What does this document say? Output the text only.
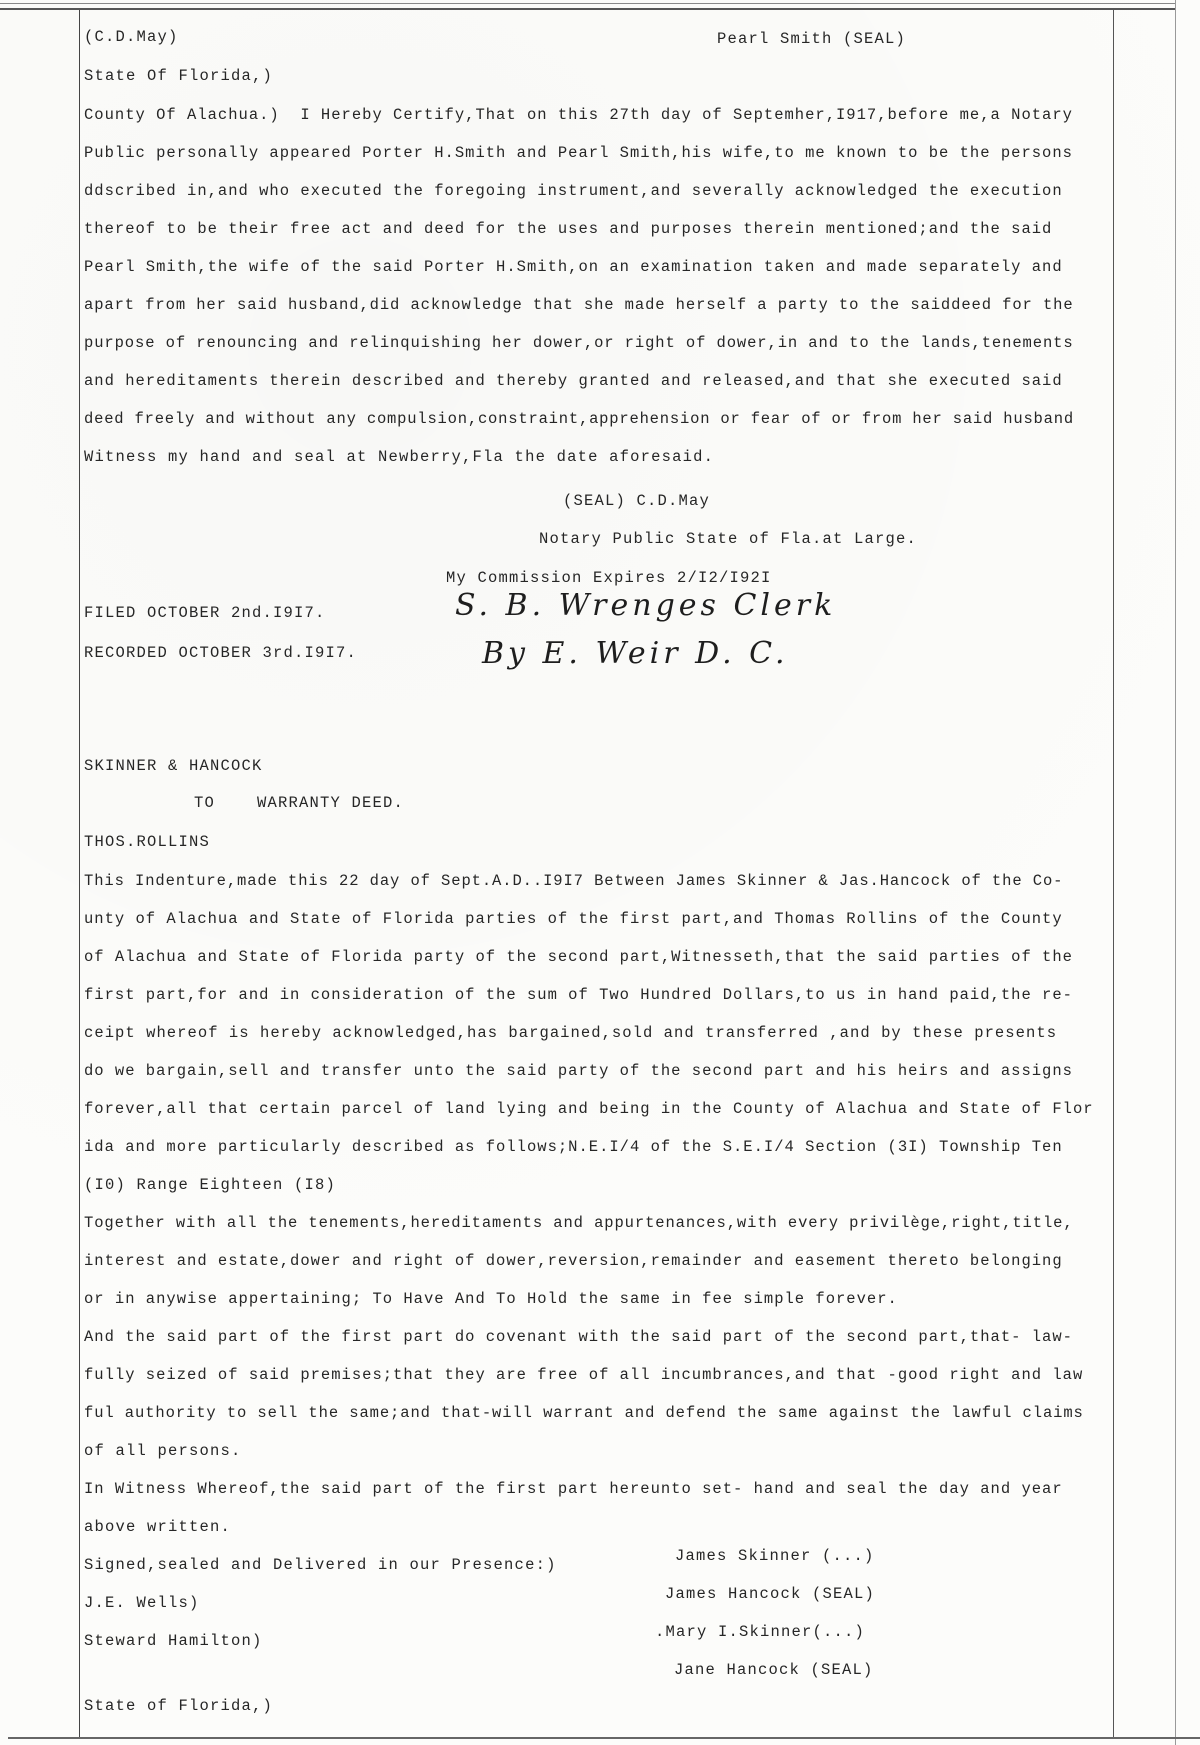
(C.D.May)	Pearl Smith (SEAL)
State Of Florida,)
County Of Alachua.)  I Hereby Certify,That on this 27th day of Septemher,I917,before me,a Notary
Public personally appeared Porter H.Smith and Pearl Smith,his wife,to me known to be the persons
ddscribed in,and who executed the foregoing instrument,and severally acknowledged the execution
thereof to be their free act and deed for the uses and purposes therein mentioned;and the said
Pearl Smith,the wife of the said Porter H.Smith,on an examination taken and made separately and
apart from her said husband,did acknowledge that she made herself a party to the saiddeed for the
purpose of renouncing and relinquishing her dower,or right of dower,in and to the lands,tenements
and hereditaments therein described and thereby granted and released,and that she executed said
deed freely and without any compulsion,constraint,apprehension or fear of or from her said husband
Witness my hand and seal at Newberry,Fla the date aforesaid.
(SEAL) C.D.May
Notary Public State of Fla.at Large.
My Commission Expires 2/I2/I92I
FILED OCTOBER 2nd.I9I7.
RECORDED OCTOBER 3rd.I9I7.
S. B. Wrenges Clerk
By E. Weir D. C.
SKINNER & HANCOCK
TO    WARRANTY DEED.
THOS.ROLLINS
This Indenture,made this 22 day of Sept.A.D..I9I7 Between James Skinner & Jas.Hancock of the Co-
unty of Alachua and State of Florida parties of the first part,and Thomas Rollins of the County
of Alachua and State of Florida party of the second part,Witnesseth,that the said parties of the
first part,for and in consideration of the sum of Two Hundred Dollars,to us in hand paid,the re-
ceipt whereof is hereby acknowledged,has bargained,sold and transferred ,and by these presents
do we bargain,sell and transfer unto the said party of the second part and his heirs and assigns
forever,all that certain parcel of land lying and being in the County of Alachua and State of Flor
ida and more particularly described as follows;N.E.I/4 of the S.E.I/4 Section (3I) Township Ten
(I0) Range Eighteen (I8)
Together with all the tenements,hereditaments and appurtenances,with every privilège,right,title,
interest and estate,dower and right of dower,reversion,remainder and easement thereto belonging
or in anywise appertaining; To Have And To Hold the same in fee simple forever.
And the said part of the first part do covenant with the said part of the second part,that- law-
fully seized of said premises;that they are free of all incumbrances,and that -good right and law
ful authority to sell the same;and that-will warrant and defend the same against the lawful claims
of all persons.
In Witness Whereof,the said part of the first part hereunto set- hand and seal the day and year
above written.
Signed,sealed and Delivered in our Presence:)
J.E. Wells)
Steward Hamilton)
State of Florida,)
James Skinner (...)
James Hancock (SEAL)
.Mary I.Skinner(...)
Jane Hancock (SEAL)
